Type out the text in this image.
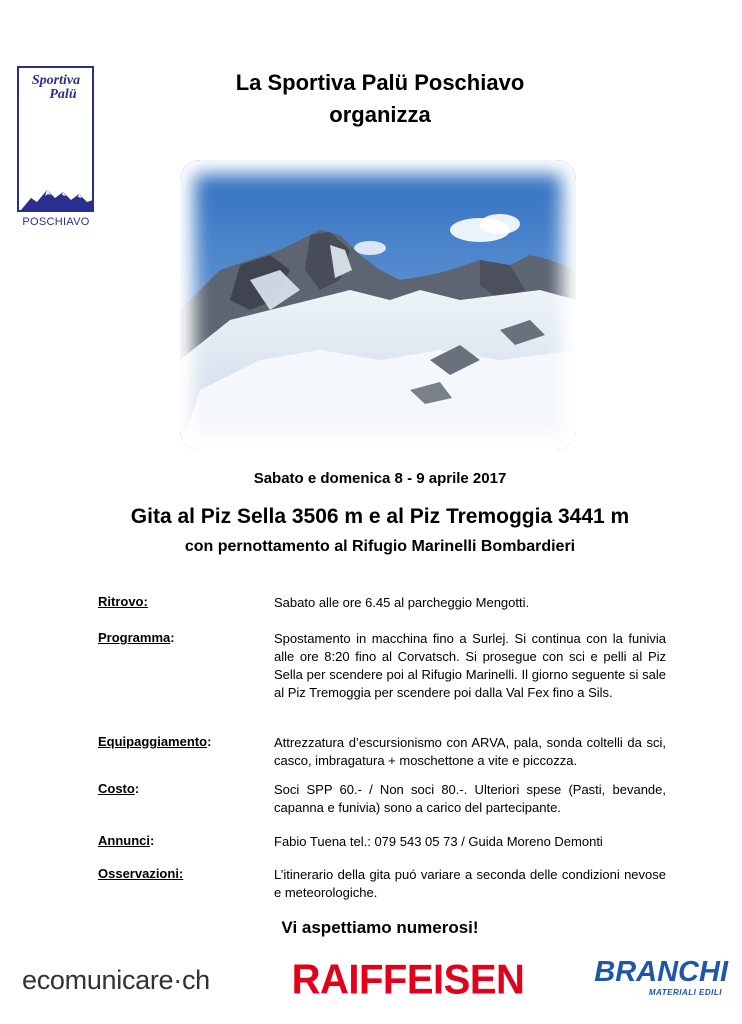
Sportiva
Palü
POSCHIAVO
La Sportiva Palü Poschiavo
organizza
Sabato e domenica 8 - 9 aprile 2017
Gita al Piz Sella 3506 m e al Piz Tremoggia 3441 m
con pernottamento al Rifugio Marinelli Bombardieri
Ritrovo:	Sabato alle ore 6.45 al parcheggio Mengotti.
Programma:	Spostamento in macchina fino a Surlej. Si continua con la funivia alle ore 8:20 fino al Corvatsch. Si prosegue con sci e pelli al Piz Sella per scendere poi al Rifugio Marinelli. Il giorno seguente si sale al Piz Tremoggia per scendere poi dalla Val Fex fino a Sils.
Equipaggiamento:	Attrezzatura d’escursionismo con ARVA, pala, sonda coltelli da sci, casco, imbragatura + moschettone a vite e piccozza.
Costo:	Soci SPP 60.- / Non soci 80.-. Ulteriori spese (Pasti, bevande, capanna e funivia) sono a carico del partecipante.
Annunci:	Fabio Tuena tel.: 079 543 05 73 / Guida Moreno Demonti
Osservazioni:	L’itinerario della gita puó variare a seconda delle condizioni nevose e meteorologiche.
Vi aspettiamo numerosi!
ecomunicare·ch RAIFFEISEN	BRANCHI
MATERIALI EDILI
